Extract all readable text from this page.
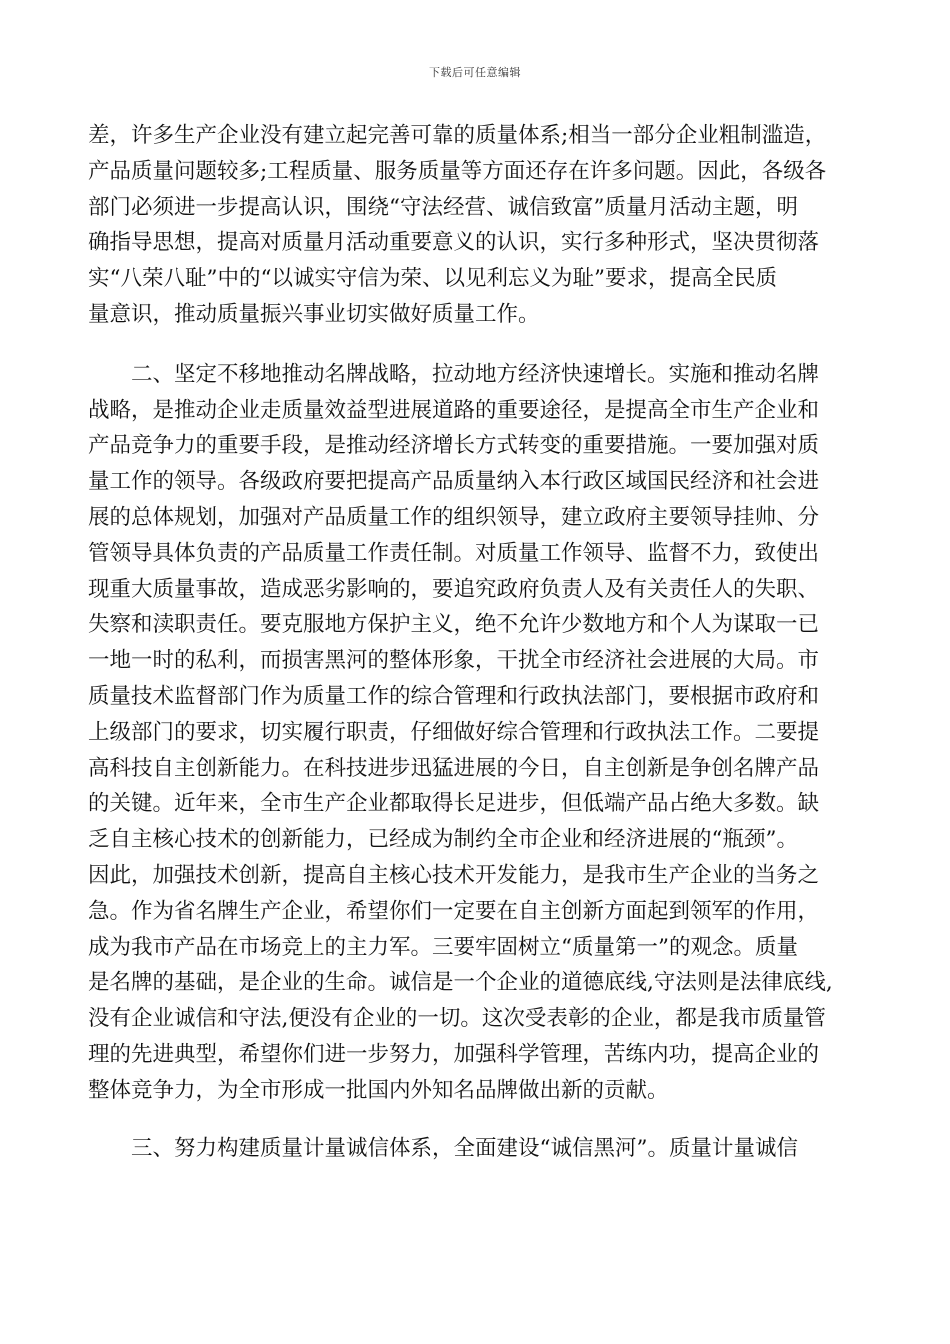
下载后可任意编辑
差，许多生产企业没有建立起完善可靠的质量体系;相当一部分企业粗制滥造，
产品质量问题较多;工程质量、服务质量等方面还存在许多问题。因此，各级各
部门必须进一步提高认识，围绕“守法经营、诚信致富”质量月活动主题，明
确指导思想，提高对质量月活动重要意义的认识，实行多种形式，坚决贯彻落
实“八荣八耻”中的“以诚实守信为荣、以见利忘义为耻”要求，提高全民质
量意识，推动质量振兴事业切实做好质量工作。
　　二、坚定不移地推动名牌战略，拉动地方经济快速增长。实施和推动名牌
战略，是推动企业走质量效益型进展道路的重要途径，是提高全市生产企业和
产品竞争力的重要手段，是推动经济增长方式转变的重要措施。一要加强对质
量工作的领导。各级政府要把提高产品质量纳入本行政区域国民经济和社会进
展的总体规划，加强对产品质量工作的组织领导，建立政府主要领导挂帅、分
管领导具体负责的产品质量工作责任制。对质量工作领导、监督不力，致使出
现重大质量事故，造成恶劣影响的，要追究政府负责人及有关责任人的失职、
失察和渎职责任。要克服地方保护主义，绝不允许少数地方和个人为谋取一已
一地一时的私利，而损害黑河的整体形象，干扰全市经济社会进展的大局。市
质量技术监督部门作为质量工作的综合管理和行政执法部门，要根据市政府和
上级部门的要求，切实履行职责，仔细做好综合管理和行政执法工作。二要提
高科技自主创新能力。在科技进步迅猛进展的今日，自主创新是争创名牌产品
的关键。近年来，全市生产企业都取得长足进步，但低端产品占绝大多数。缺
乏自主核心技术的创新能力，已经成为制约全市企业和经济进展的“瓶颈”。
因此，加强技术创新，提高自主核心技术开发能力，是我市生产企业的当务之
急。作为省名牌生产企业，希望你们一定要在自主创新方面起到领军的作用，
成为我市产品在市场竞上的主力军。三要牢固树立“质量第一”的观念。质量
是名牌的基础，是企业的生命。诚信是一个企业的道德底线,守法则是法律底线,
没有企业诚信和守法,便没有企业的一切。这次受表彰的企业，都是我市质量管
理的先进典型，希望你们进一步努力，加强科学管理，苦练内功，提高企业的
整体竞争力，为全市形成一批国内外知名品牌做出新的贡献。
　　三、努力构建质量计量诚信体系，全面建设“诚信黑河”。质量计量诚信
